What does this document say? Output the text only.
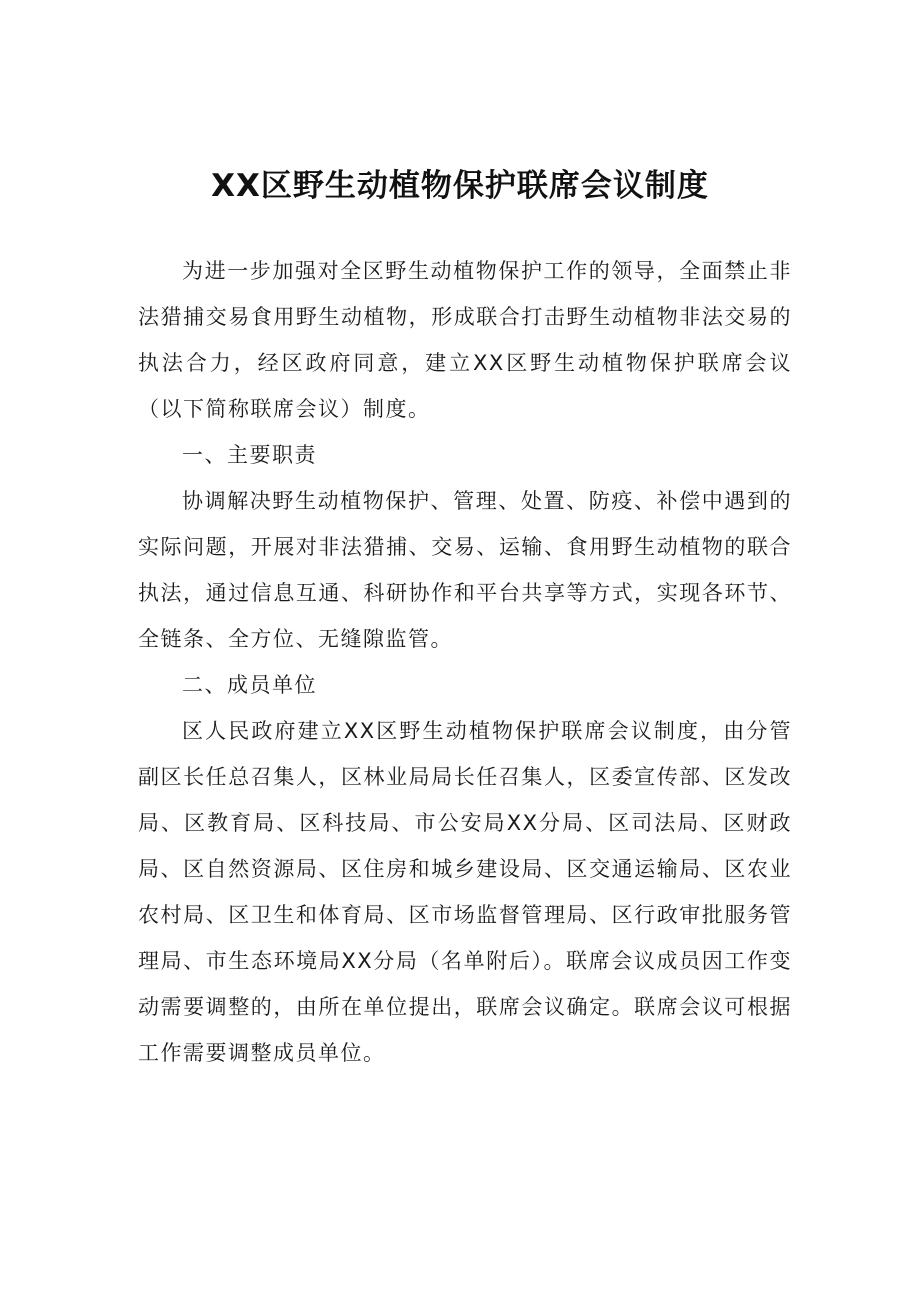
XX区野生动植物保护联席会议制度

为进一步加强对全区野生动植物保护工作的领导，全面禁止非法猎捕交易食用野生动植物，形成联合打击野生动植物非法交易的执法合力，经区政府同意，建立XX区野生动植物保护联席会议（以下简称联席会议）制度。

一、主要职责

协调解决野生动植物保护、管理、处置、防疫、补偿中遇到的实际问题，开展对非法猎捕、交易、运输、食用野生动植物的联合执法，通过信息互通、科研协作和平台共享等方式，实现各环节、全链条、全方位、无缝隙监管。

二、成员单位

区人民政府建立XX区野生动植物保护联席会议制度，由分管副区长任总召集人，区林业局局长任召集人，区委宣传部、区发改局、区教育局、区科技局、市公安局XX分局、区司法局、区财政局、区自然资源局、区住房和城乡建设局、区交通运输局、区农业农村局、区卫生和体育局、区市场监督管理局、区行政审批服务管理局、市生态环境局XX分局（名单附后）。联席会议成员因工作变动需要调整的，由所在单位提出，联席会议确定。联席会议可根据工作需要调整成员单位。
